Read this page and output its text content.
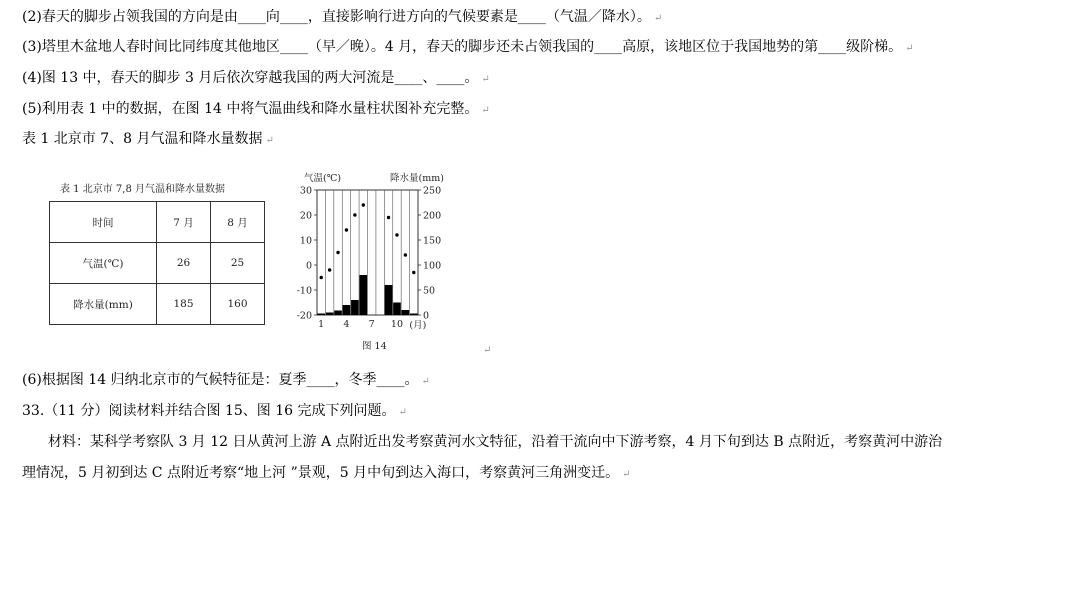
(2)春天的脚步占领我国的方向是由____向____，直接影响行进方向的气候要素是____（气温／降水）。 ↵
(3)塔里木盆地人春时间比同纬度其他地区____（早／晚）。4 月，春天的脚步还未占领我国的____高原，该地区位于我国地势的第____级阶梯。 ↵
(4)图 13 中，春天的脚步 3 月后依次穿越我国的两大河流是____、____。 ↵
(5)利用表 1 中的数据，在图 14 中将气温曲线和降水量柱状图补充完整。 ↵
表 1 北京市 7、8 月气温和降水量数据 ↵
表 1 北京市 7,8 月气温和降水量数据
时间	7 月	8 月
气温(℃)	26	25
降水量(mm)	185	160
气温(℃)	降水量(mm)
30
20
10
0
-10
-20
250
200
150
100
50
0
1 4 7 10 (月)
图 14	↵
(6)根据图 14 归纳北京市的气候特征是：夏季____，冬季____。 ↵
33.（11 分）阅读材料并结合图 15、图 16 完成下列问题。 ↵
材料：某科学考察队 3 月 12 日从黄河上游 A 点附近出发考察黄河水文特征，沿着干流向中下游考察，4 月下旬到达 B 点附近，考察黄河中游治
理情况，5 月初到达 C 点附近考察“地上河 ”景观，5 月中旬到达入海口，考察黄河三角洲变迁。 ↵
